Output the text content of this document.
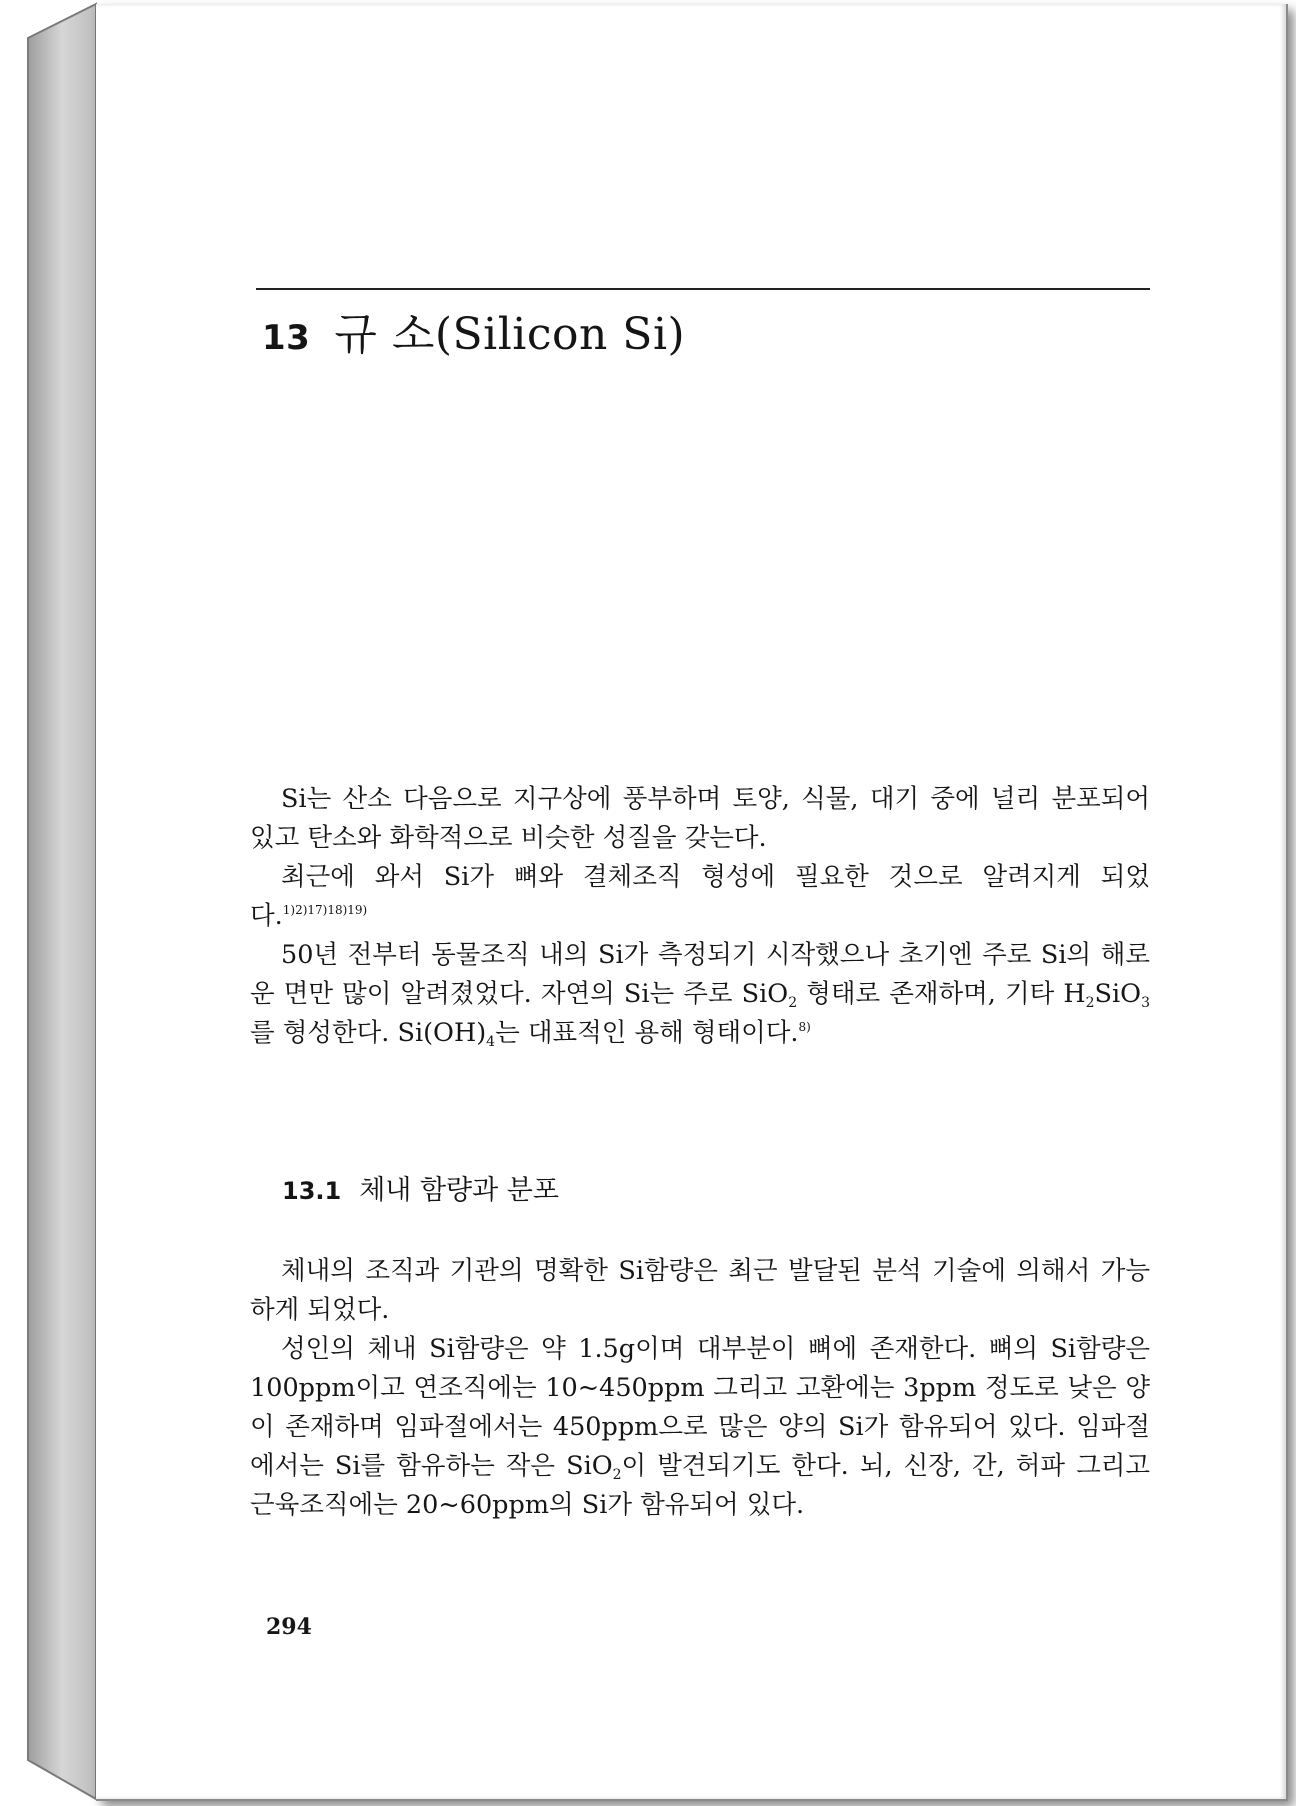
13 규 소(Silicon Si)

Si는 산소 다음으로 지구상에 풍부하며 토양, 식물, 대기 중에 널리 분포되어 있고 탄소와 화학적으로 비슷한 성질을 갖는다.

최근에 와서 Si가 뼈와 결체조직 형성에 필요한 것으로 알려지게 되었다.$^{1)2)17)18)19)}$

50년 전부터 동물조직 내의 Si가 측정되기 시작했으나 초기엔 주로 Si의 해로운 면만 많이 알려졌었다. 자연의 Si는 주로 SiO$_2$ 형태로 존재하며, 기타 $H_2SiO_3$를 형성한다. $Si(OH)_4$는 대표적인 용해 형태이다.$^{8)}$

13.1 체내 함량과 분포

체내의 조직과 기관의 명확한 Si함량은 최근 발달된 분석 기술에 의해서 가능하게 되었다.

성인의 체내 Si함량은 약 1.5g이며 대부분이 뼈에 존재한다. 뼈의 Si함량은 100ppm이고 연조직에는 10~450ppm 그리고 고환에는 3ppm 정도로 낮은 양이 존재하며 임파절에서는 450ppm으로 많은 양의 Si가 함유되어 있다. 임파절에서는 Si를 함유하는 작은 SiO$_2$이 발견되기도 한다. 뇌, 신장, 간, 허파 그리고 근육조직에는 20~60ppm의 Si가 함유되어 있다.

294
